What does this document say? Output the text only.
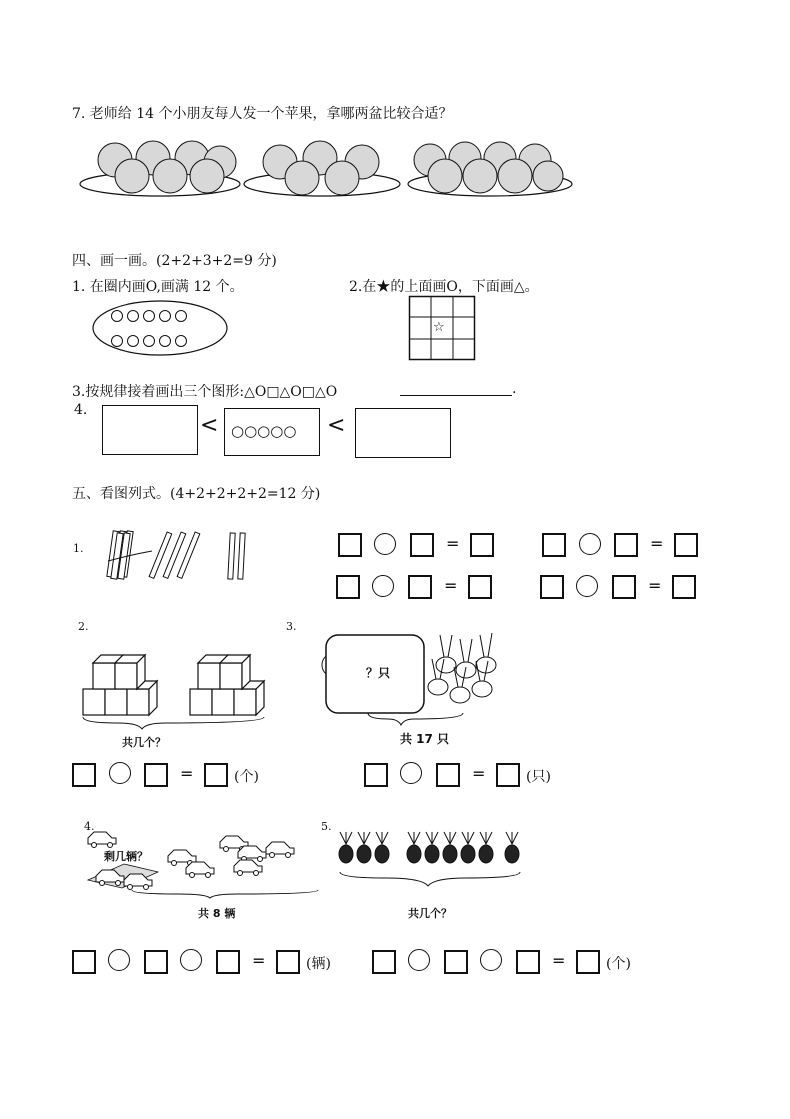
7. 老师给 14 个小朋友每人发一个苹果，拿哪两盆比较合适？
四、画一画。(2+2+3+2=9 分)
1. 在圈内画O,画满 12 个。	2.在★的上面画O，下面画△。
☆
3.按规律接着画出三个图形:△O□△O□△O	.
4.
< ○○○○○ <
五、看图列式。(4+2+2+2+2=12 分)
1.	=	=
=	=
2.
共几个？
3.
？只
共 17 只
=	(个)	=	(只)
4.
剩几辆？
共 8 辆
5.
共几个？
=	(辆)	=	(个)
